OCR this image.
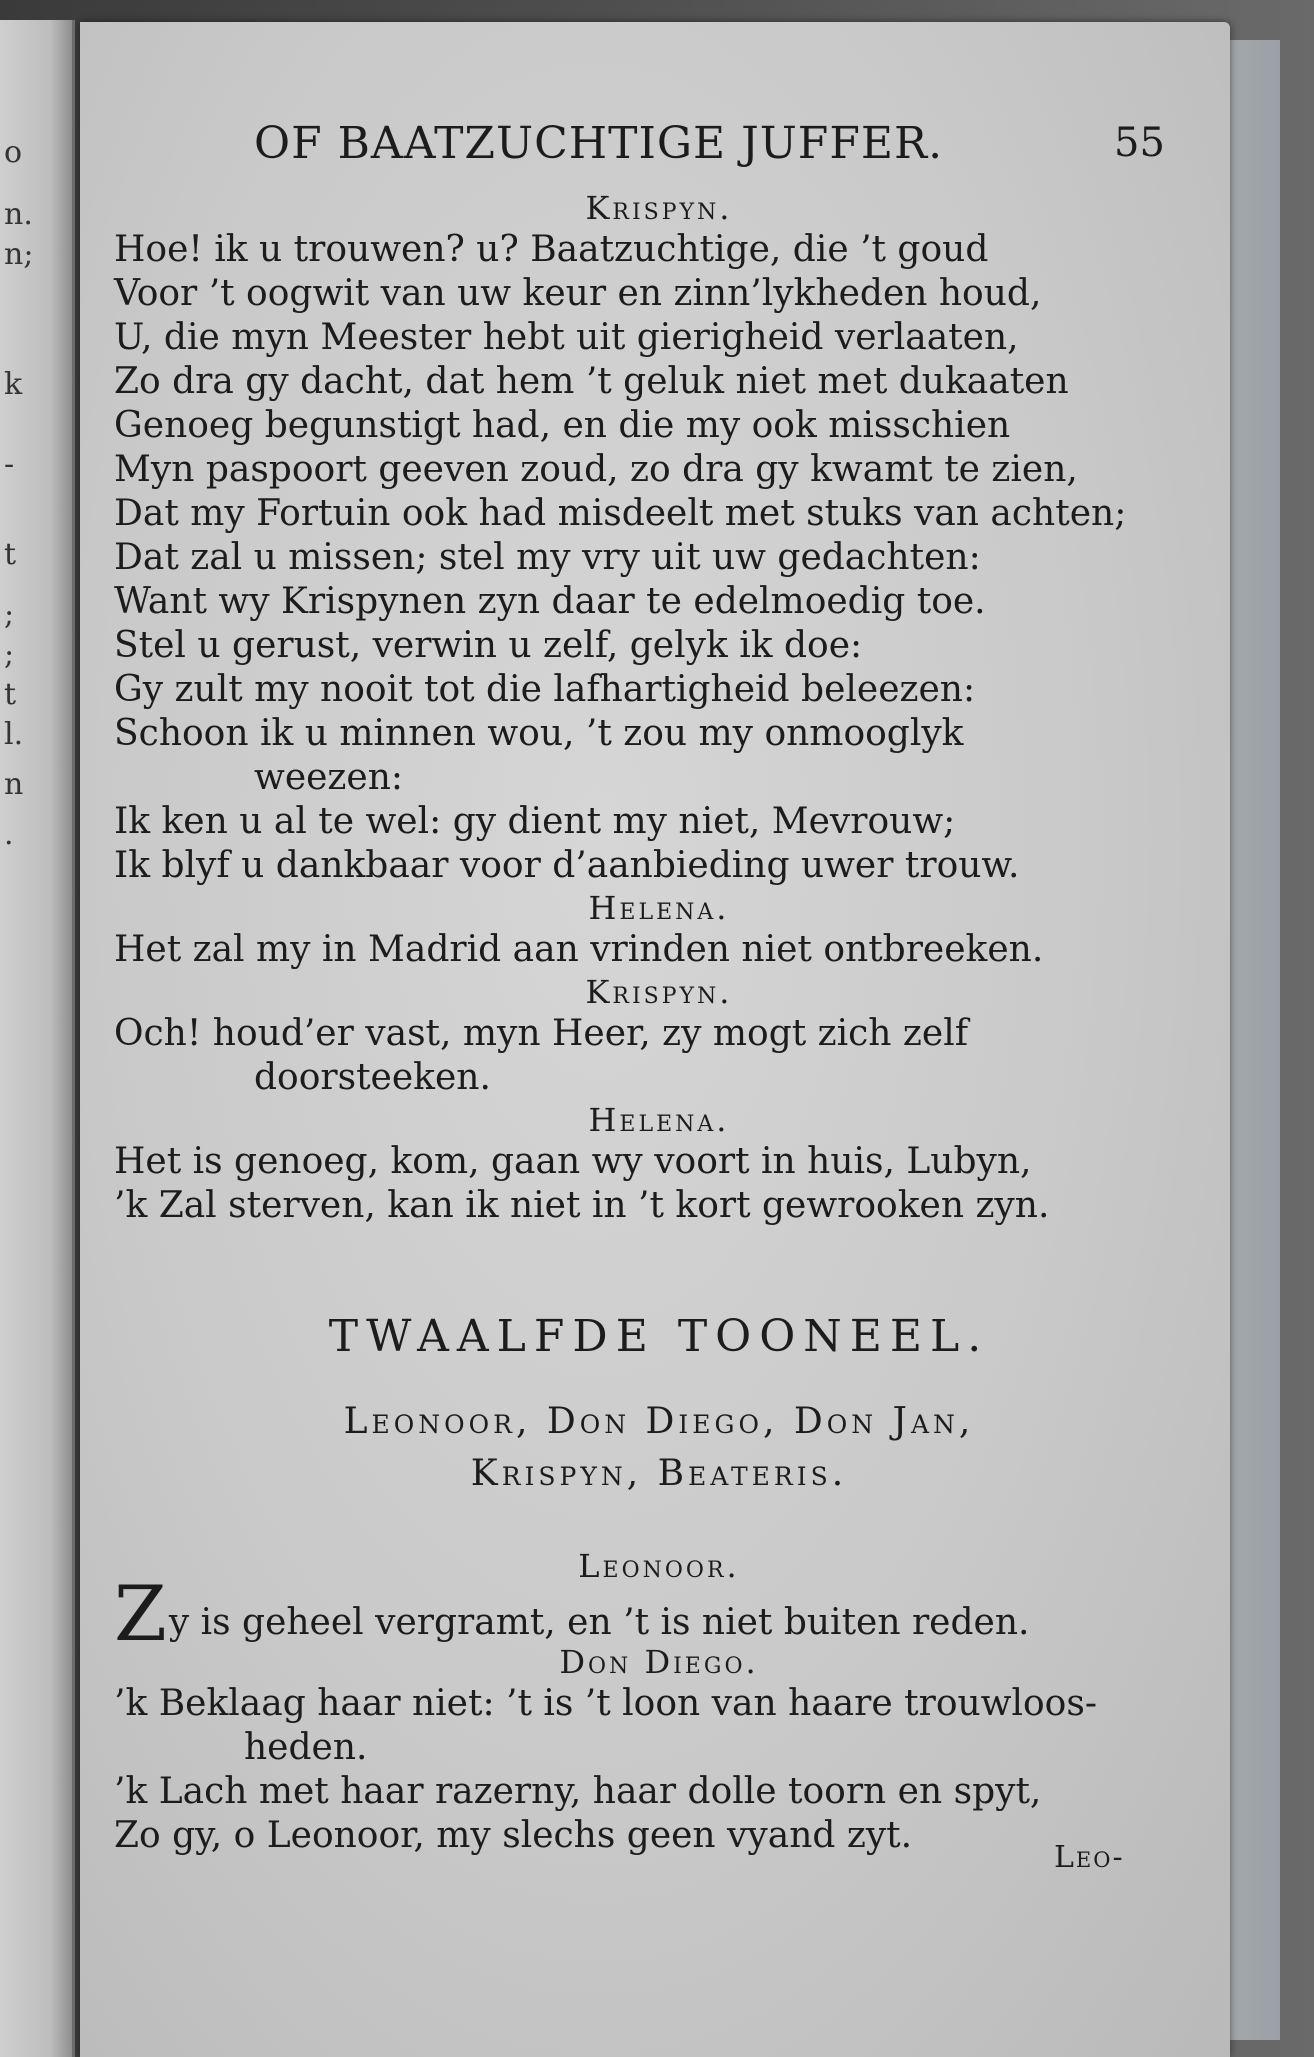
o
n.
n;
k
-
t
;
;
t
l.
n
.
OF BAATZUCHTIGE JUFFER.	55
Krispyn.
Hoe! ik u trouwen? u? Baatzuchtige, die ’t goud
Voor ’t oogwit van uw keur en zinn’lykheden houd,
U, die myn Meester hebt uit gierigheid verlaaten,
Zo dra gy dacht, dat hem ’t geluk niet met dukaaten
Genoeg begunstigt had, en die my ook misschien
Myn paspoort geeven zoud, zo dra gy kwamt te zien,
Dat my Fortuin ook had misdeelt met stuks van achten;
Dat zal u missen; stel my vry uit uw gedachten:
Want wy Krispynen zyn daar te edelmoedig toe.
Stel u gerust, verwin u zelf, gelyk ik doe:
Gy zult my nooit tot die lafhartigheid beleezen:
Schoon ik u minnen wou, ’t zou my onmooglyk
weezen:
Ik ken u al te wel: gy dient my niet, Mevrouw;
Ik blyf u dankbaar voor d’aanbieding uwer trouw.
Helena.
Het zal my in Madrid aan vrinden niet ontbreeken.
Krispyn.
Och! houd’er vast, myn Heer, zy mogt zich zelf
doorsteeken.
Helena.
Het is genoeg, kom, gaan wy voort in huis, Lubyn,
’k Zal sterven, kan ik niet in ’t kort gewrooken zyn.
TWAALFDE TOONEEL.
Leonoor, Don Diego, Don Jan,
Krispyn, Beateris.
Leonoor.
Zy is geheel vergramt, en ’t is niet buiten reden.
Don Diego.
’k Beklaag haar niet: ’t is ’t loon van haare trouwloos-
heden.
’k Lach met haar razerny, haar dolle toorn en spyt,
Zo gy, o Leonoor, my slechs geen vyand zyt.
Leo-
